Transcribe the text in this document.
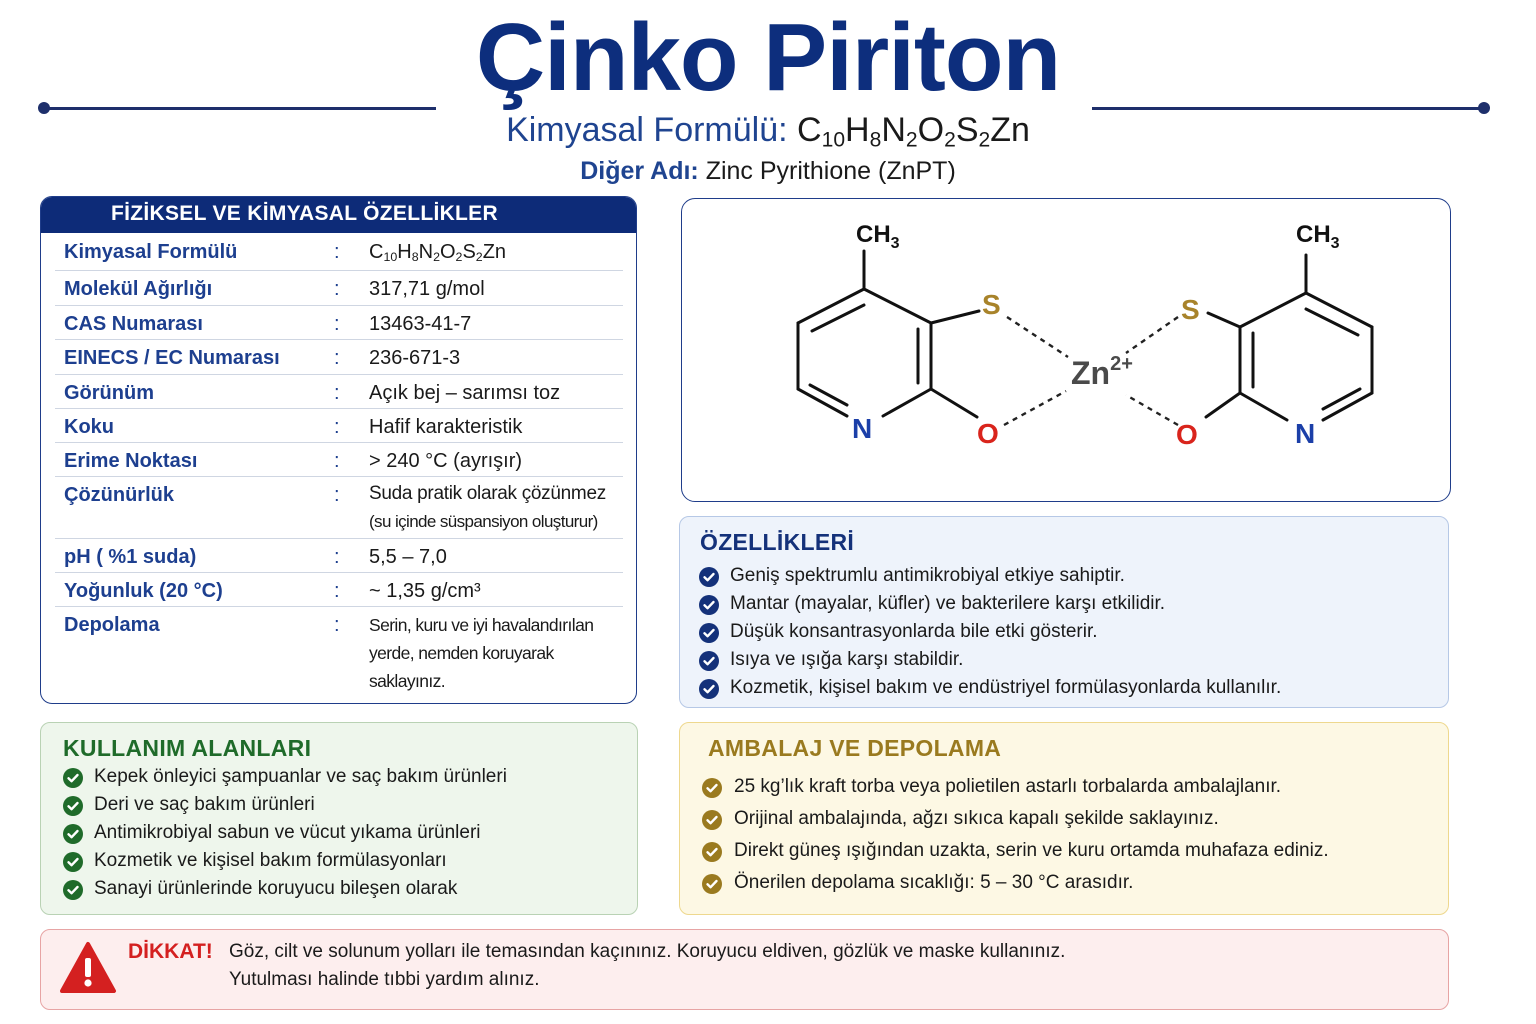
Çinko Piriton
Kimyasal Formülü: $C_{10}H_8N_2O_2S_2Zn$
Diğer Adı: Zinc Pyrithione (ZnPT)
FİZİKSEL VE KİMYASAL ÖZELLİKLER
Kimyasal Formülü	: $C_{10}H_8N_2O_2S_2Zn$
Molekül Ağırlığı	: 317,71 g/mol
CAS Numarası	: 13463-41-7
EINECS / EC Numarası	: 236-671-3
Görünüm	: Açık bej – sarımsı toz
Koku	: Hafif karakteristik
Erime Noktası	: > 240 °C (ayrışır)
Çözünürlük	: Suda pratik olarak çözünmez
(su içinde süspansiyon oluşturur)
pH ( %1 suda)	: 5,5 – 7,0
Yoğunluk (20 °C)	: ~ 1,35 g/cm³
Depolama	: Serin, kuru ve iyi havalandırılan
yerde, nemden koruyarak saklayınız.
$CH_3$	$CH_3$
S	S
O	O
N	N
$Zn^{2+}$
ÖZELLİKLERİ
Geniş spektrumlu antimikrobiyal etkiye sahiptir.
Mantar (mayalar, küfler) ve bakterilere karşı etkilidir.
Düşük konsantrasyonlarda bile etki gösterir.
Isıya ve ışığa karşı stabildir.
Kozmetik, kişisel bakım ve endüstriyel formülasyonlarda kullanılır.
KULLANIM ALANLARI
Kepek önleyici şampuanlar ve saç bakım ürünleri
Deri ve saç bakım ürünleri
Antimikrobiyal sabun ve vücut yıkama ürünleri
Kozmetik ve kişisel bakım formülasyonları
Sanayi ürünlerinde koruyucu bileşen olarak
AMBALAJ VE DEPOLAMA
25 kg’lık kraft torba veya polietilen astarlı torbalarda ambalajlanır.
Orijinal ambalajında, ağzı sıkıca kapalı şekilde saklayınız.
Direkt güneş ışığından uzakta, serin ve kuru ortamda muhafaza ediniz.
Önerilen depolama sıcaklığı: 5 – 30 °C arasıdır.
DİKKAT! Göz, cilt ve solunum yolları ile temasından kaçınınız. Koruyucu eldiven, gözlük ve maske kullanınız.
Yutulması halinde tıbbi yardım alınız.
